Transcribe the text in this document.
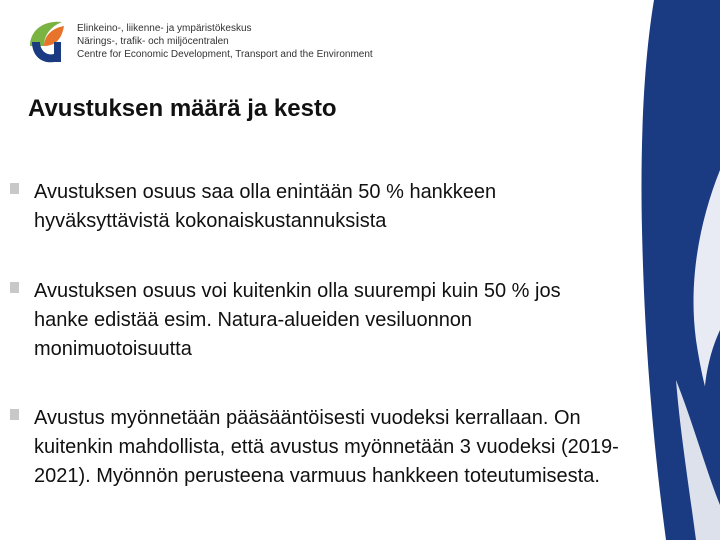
Elinkeino-, liikenne- ja ympäristökeskus
Närings-, trafik- och miljöcentralen
Centre for Economic Development, Transport and the Environment
Avustuksen määrä ja kesto
Avustuksen osuus saa olla enintään 50 % hankkeen hyväksyttävistä kokonaiskustannuksista
Avustuksen osuus voi kuitenkin olla suurempi kuin 50 % jos hanke edistää esim. Natura-alueiden vesiluonnon monimuotoisuutta
Avustus myönnetään pääsääntöisesti vuodeksi kerrallaan. On kuitenkin mahdollista, että avustus myönnetään 3 vuodeksi (2019-2021). Myönnön perusteena varmuus hankkeen toteutumisesta.
